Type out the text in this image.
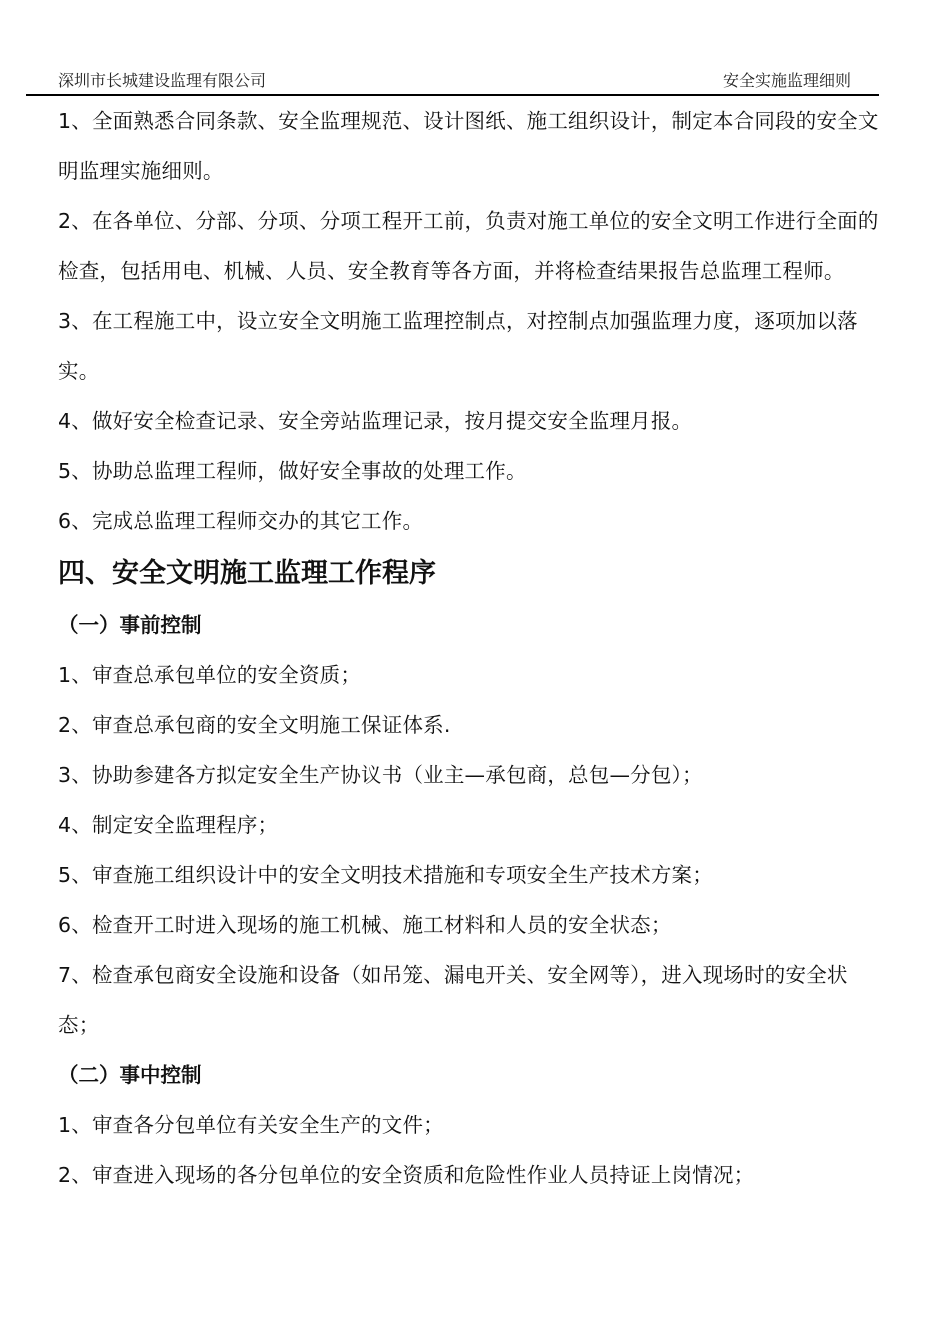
深圳市长城建设监理有限公司	安全实施监理细则

1、全面熟悉合同条款、安全监理规范、设计图纸、施工组织设计，制定本合同段的安全文明监理实施细则。

2、在各单位、分部、分项、分项工程开工前，负责对施工单位的安全文明工作进行全面的检查，包括用电、机械、人员、安全教育等各方面，并将检查结果报告总监理工程师。

3、在工程施工中，设立安全文明施工监理控制点，对控制点加强监理力度，逐项加以落实。

4、做好安全检查记录、安全旁站监理记录，按月提交安全监理月报。

5、协助总监理工程师，做好安全事故的处理工作。

6、完成总监理工程师交办的其它工作。

四、安全文明施工监理工作程序
（一）事前控制

1、审查总承包单位的安全资质；

2、审查总承包商的安全文明施工保证体系.

3、协助参建各方拟定安全生产协议书（业主—承包商，总包—分包）；

4、制定安全监理程序；

5、审查施工组织设计中的安全文明技术措施和专项安全生产技术方案；

6、检查开工时进入现场的施工机械、施工材料和人员的安全状态；

7、检查承包商安全设施和设备（如吊笼、漏电开关、安全网等），进入现场时的安全状态；

（二）事中控制

1、审查各分包单位有关安全生产的文件；

2、审查进入现场的各分包单位的安全资质和危险性作业人员持证上岗情况；
